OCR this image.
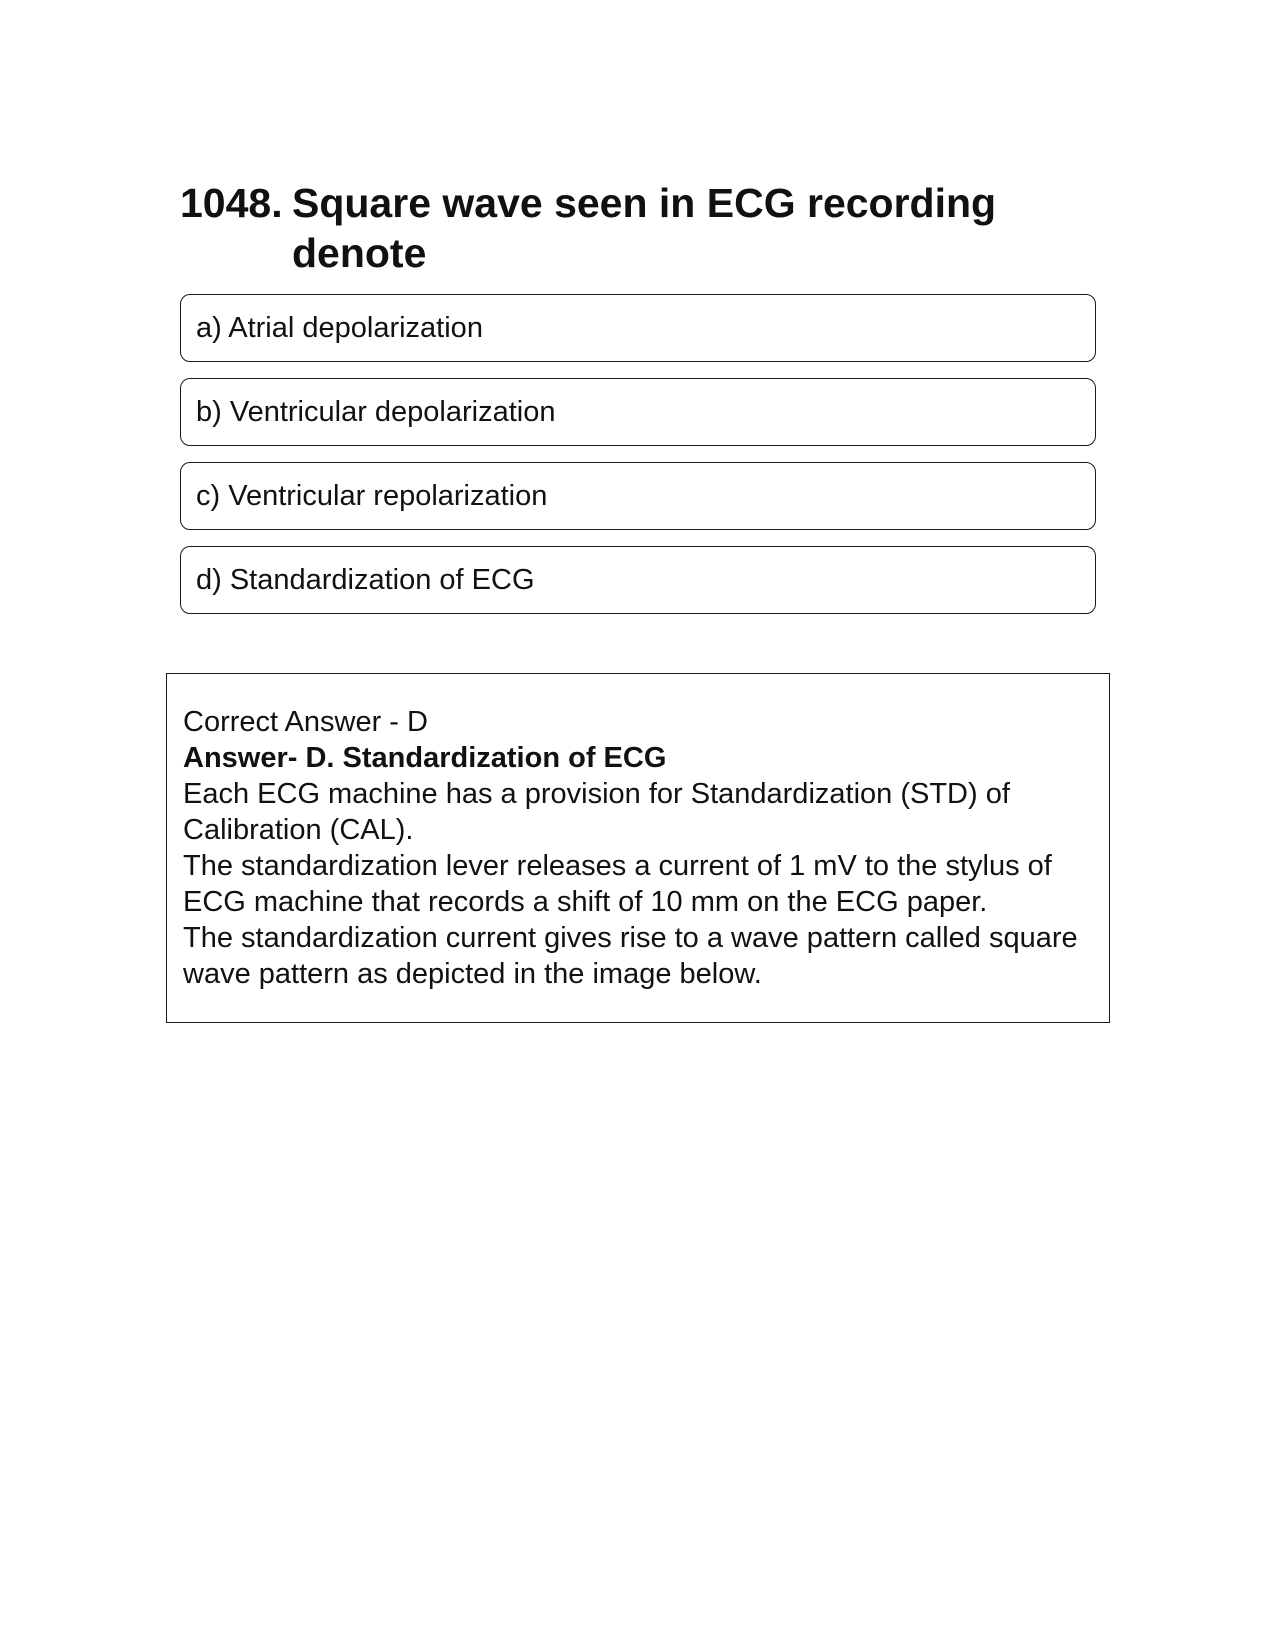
1048. Square wave seen in ECG recording denote
a) Atrial depolarization
b) Ventricular depolarization
c) Ventricular repolarization
d) Standardization of ECG

Correct Answer - D

Answer- D. Standardization of ECG

Each ECG machine has a provision for Standardization (STD) of Calibration (CAL).

The standardization lever releases a current of 1 mV to the stylus of ECG machine that records a shift of 10 mm on the ECG paper.

The standardization current gives rise to a wave pattern called square wave pattern as depicted in the image below.
